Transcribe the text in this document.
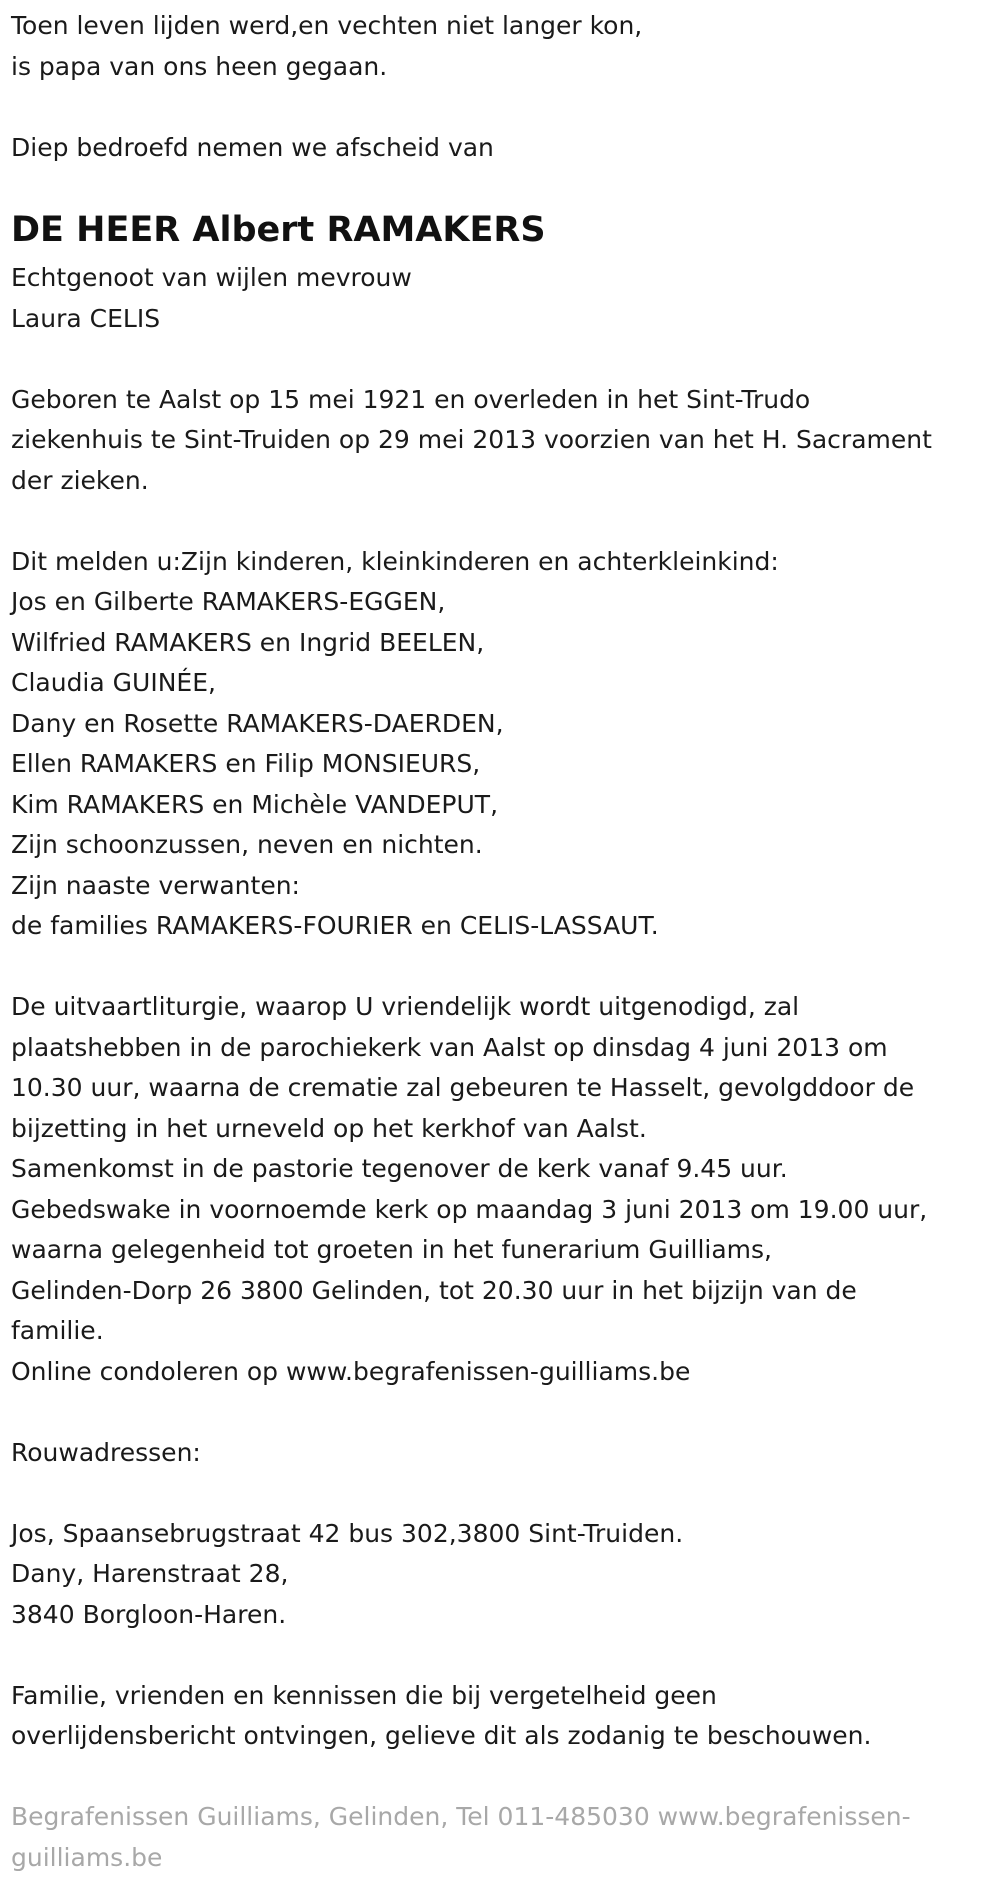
Toen leven lijden werd,en vechten niet langer kon,

is papa van ons heen gegaan.

Diep bedroefd nemen we afscheid van

DE HEER Albert RAMAKERS

Echtgenoot van wijlen mevrouw

Laura CELIS

Geboren te Aalst op 15 mei 1921 en overleden in het Sint-Trudo

ziekenhuis te Sint-Truiden op 29 mei 2013 voorzien van het H. Sacrament

der zieken.

Dit melden u:Zijn kinderen, kleinkinderen en achterkleinkind:

Jos en Gilberte RAMAKERS-EGGEN,

Wilfried RAMAKERS en Ingrid BEELEN,

Claudia GUINÉE,

Dany en Rosette RAMAKERS-DAERDEN,

Ellen RAMAKERS en Filip MONSIEURS,

Kim RAMAKERS en Michèle VANDEPUT,

Zijn schoonzussen, neven en nichten.

Zijn naaste verwanten:

de families RAMAKERS-FOURIER en CELIS-LASSAUT.

De uitvaartliturgie, waarop U vriendelijk wordt uitgenodigd, zal

plaatshebben in de parochiekerk van Aalst op dinsdag 4 juni 2013 om

10.30 uur, waarna de crematie zal gebeuren te Hasselt, gevolgddoor de

bijzetting in het urneveld op het kerkhof van Aalst.

Samenkomst in de pastorie tegenover de kerk vanaf 9.45 uur.

Gebedswake in voornoemde kerk op maandag 3 juni 2013 om 19.00 uur,

waarna gelegenheid tot groeten in het funerarium Guilliams,

Gelinden-Dorp 26 3800 Gelinden, tot 20.30 uur in het bijzijn van de

familie.

Online condoleren op www.begrafenissen-guilliams.be

Rouwadressen:

Jos, Spaansebrugstraat 42 bus 302,3800 Sint-Truiden.

Dany, Harenstraat 28,

3840 Borgloon-Haren.

Familie, vrienden en kennissen die bij vergetelheid geen

overlijdensbericht ontvingen, gelieve dit als zodanig te beschouwen.

Begrafenissen Guilliams, Gelinden, Tel 011-485030 www.begrafenissen-

guilliams.be
